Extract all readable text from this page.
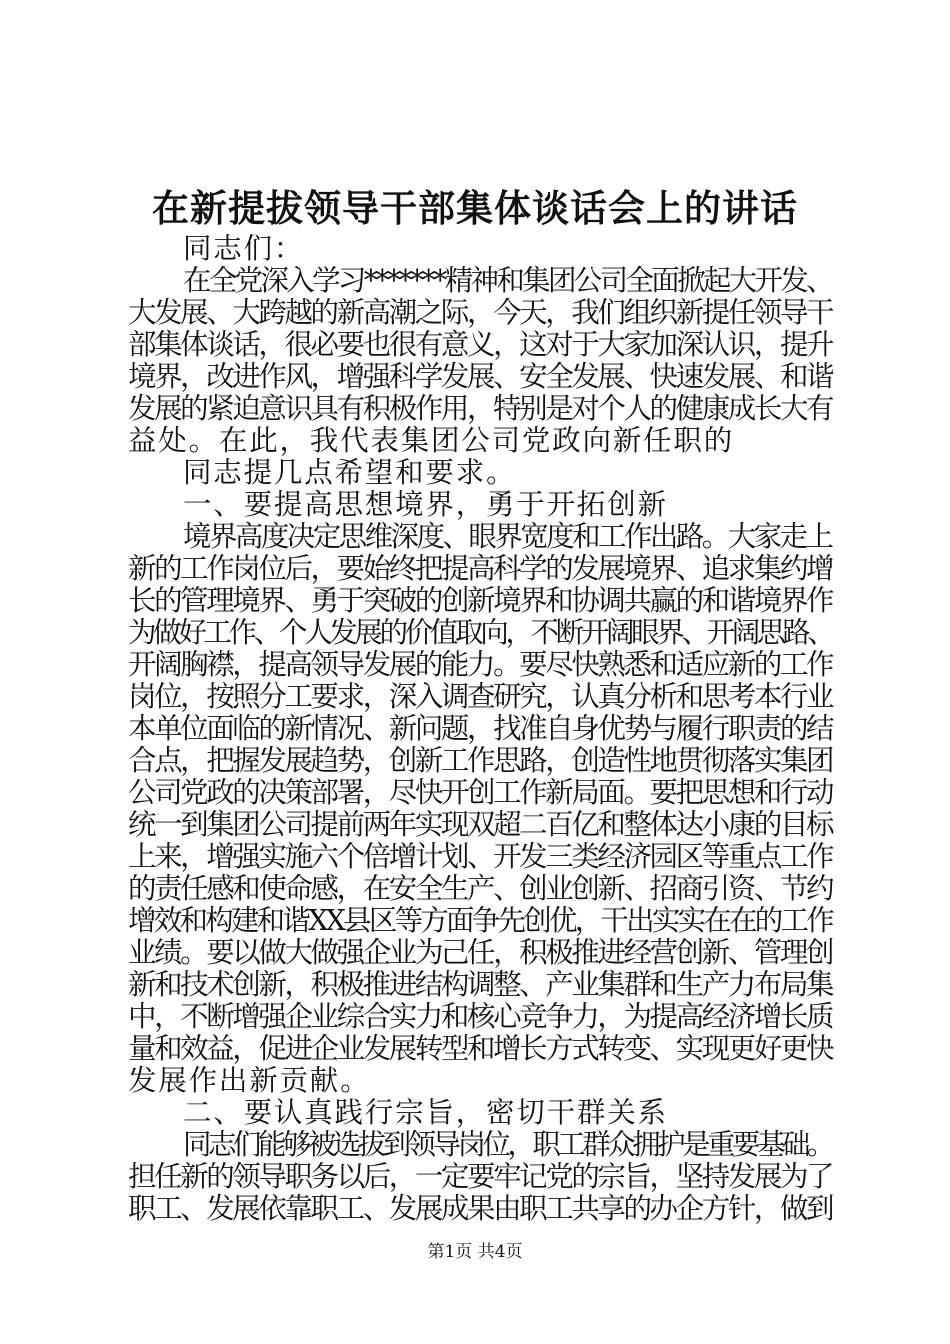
在新提拔领导干部集体谈话会上的讲话
同志们：
在全党深入学习*******精神和集团公司全面掀起大开发、
大发展、大跨越的新高潮之际，今天，我们组织新提任领导干
部集体谈话，很必要也很有意义，这对于大家加深认识，提升
境界，改进作风，增强科学发展、安全发展、快速发展、和谐
发展的紧迫意识具有积极作用，特别是对个人的健康成长大有
益处。在此，我代表集团公司党政向新任职的
同志提几点希望和要求。
一、要提高思想境界，勇于开拓创新
境界高度决定思维深度、眼界宽度和工作出路。大家走上
新的工作岗位后，要始终把提高科学的发展境界、追求集约增
长的管理境界、勇于突破的创新境界和协调共赢的和谐境界作
为做好工作、个人发展的价值取向，不断开阔眼界、开阔思路、
开阔胸襟，提高领导发展的能力。要尽快熟悉和适应新的工作
岗位，按照分工要求，深入调查研究，认真分析和思考本行业
本单位面临的新情况、新问题，找准自身优势与履行职责的结
合点，把握发展趋势，创新工作思路，创造性地贯彻落实集团
公司党政的决策部署，尽快开创工作新局面。要把思想和行动
统一到集团公司提前两年实现双超二百亿和整体达小康的目标
上来，增强实施六个倍增计划、开发三类经济园区等重点工作
的责任感和使命感，在安全生产、创业创新、招商引资、节约
增效和构建和谐XX县区等方面争先创优，干出实实在在的工作
业绩。要以做大做强企业为己任，积极推进经营创新、管理创
新和技术创新，积极推进结构调整、产业集群和生产力布局集
中，不断增强企业综合实力和核心竞争力，为提高经济增长质
量和效益，促进企业发展转型和增长方式转变、实现更好更快
发展作出新贡献。
二、要认真践行宗旨，密切干群关系
同志们能够被选拔到领导岗位，职工群众拥护是重要基础。
担任新的领导职务以后，一定要牢记党的宗旨，坚持发展为了
职工、发展依靠职工、发展成果由职工共享的办企方针，做到
第1页 共4页
